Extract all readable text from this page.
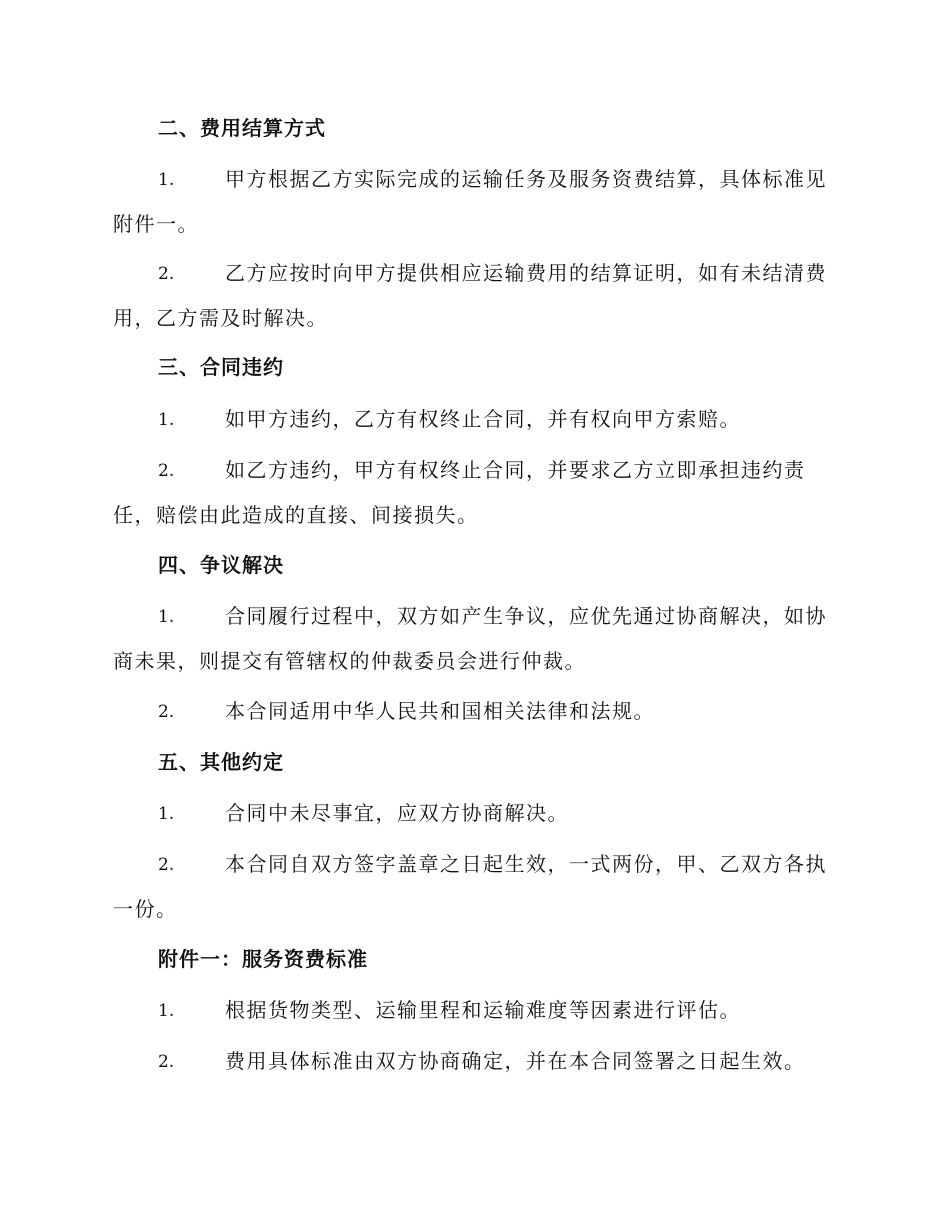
二、费用结算方式
1.	甲方根据乙方实际完成的运输任务及服务资费结算，具体标准见
附件一。
2.	乙方应按时向甲方提供相应运输费用的结算证明，如有未结清费
用，乙方需及时解决。
三、合同违约
1.	如甲方违约，乙方有权终止合同，并有权向甲方索赔。
2.	如乙方违约，甲方有权终止合同，并要求乙方立即承担违约责
任，赔偿由此造成的直接、间接损失。
四、争议解决
1.	合同履行过程中，双方如产生争议，应优先通过协商解决，如协
商未果，则提交有管辖权的仲裁委员会进行仲裁。
2.	本合同适用中华人民共和国相关法律和法规。
五、其他约定
1.	合同中未尽事宜，应双方协商解决。
2.	本合同自双方签字盖章之日起生效，一式两份，甲、乙双方各执
一份。
附件一：服务资费标准
1.	根据货物类型、运输里程和运输难度等因素进行评估。
2.	费用具体标准由双方协商确定，并在本合同签署之日起生效。
